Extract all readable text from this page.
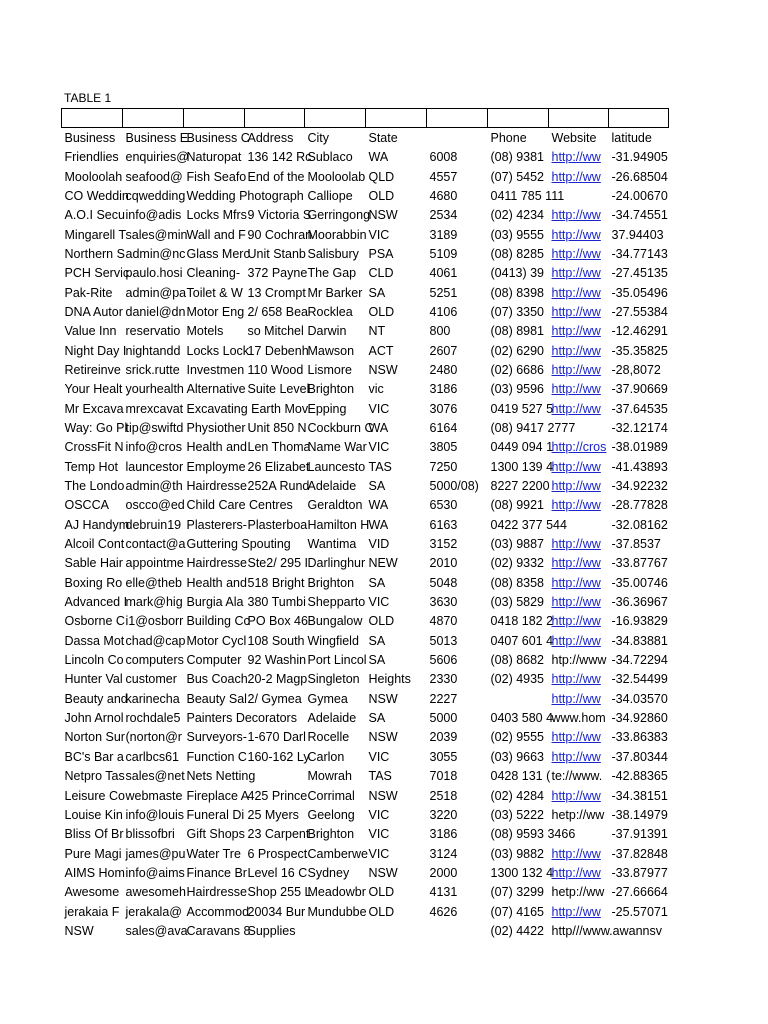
TABLE 1

Business	Business E	Business C	Address	City	State		Phone	Website	latitude
Friendlies	enquiries@	Naturopat	136 142 Rc	Sublaco	WA	6008	(08) 9381	http://ww	-31.94905
Mooloolah	seafood@	Fish Seafo	End of the	Mooloolab	QLD	4557	(07) 5452	http://ww	-26.68504
CO Weddin	cqwedding	Wedding Photograph		Calliope	OLD	4680	0411 785 111		-24.00670
A.O.I Secu	info@adis	Locks Mfrs	9 Victoria S	Gerringong	NSW	2534	(02) 4234	http://ww	-34.74551
Mingarell T	sales@min	Wall and F	90 Cochran	Moorabbin	VIC	3189	(03) 9555	http://ww	37.94403
Northern S	admin@nc	Glass Merc	Unit Stanb	Salisbury	PSA	5109	(08) 8285	http://ww	-34.77143
PCH Servic	paulo.hosi	Cleaning-	372 Payne	The Gap	CLD	4061	(0413) 39	http://ww	-27.45135
Pak-Rite	admin@pa	Toilet & W	13 Crompt	Mr Barker	SA	5251	(08) 8398	http://ww	-35.05496
DNA Autor	daniel@dn	Motor Eng	2/ 658 Bea	Rocklea	OLD	4106	(07) 3350	http://ww	-27.55384
Value Inn	reservatio	Motels	so Mitchel	Darwin	NT	800	(08) 8981	http://ww	-12.46291
Night Day I	nightandd	Locks Lock	17 Debenh	Mawson	ACT	2607	(02) 6290	http://ww	-35.35825
Retireinve	srick.rutte	Investmen	110 Wood	Lismore	NSW	2480	(02) 6686	http://ww	-28,8072
Your Healt	yourhealth	Alternative	Suite Level	Brighton	vic	3186	(03) 9596	http://ww	-37.90669
Mr Excava	mrexcavat	Excavating Earth Mov		Epping	VIC	3076	0419 527 5	http://ww	-37.64535
Way: Go Pl	tip@swiftd	Physiother	Unit 850 N	Cockburn C	WA	6164	(08) 9417 2777		-32.12174
CrossFit N	info@cros	Health and	Len Thoma	Name War	VIC	3805	0449 094 1	http://cros	-38.01989
Temp Hot	launcestor	Employme	26 Elizabet	Launcesto	TAS	7250	1300 139 4	http://ww	-41.43893
The Londo	admin@th	Hairdresse	252A Rund	Adelaide	SA	5000/08)	8227 2200	http://ww	-34.92232
OSCCA	oscco@ed	Child Care Centres		Geraldton	WA	6530	(08) 9921	http://ww	-28.77828
AJ Handym	debruin19	Plasterers-	Plasterboa	Hamilton H	WA	6163	0422 377 544		-32.08162
Alcoil Cont	contact@a	Guttering Spouting		Wantima	VID	3152	(03) 9887	http://ww	-37.8537
Sable Hair	appointme	Hairdresse	Ste2/ 295 I	Darlinghur	NEW	2010	(02) 9332	http://ww	-33.87767
Boxing Ro	elle@theb	Health and	518 Bright	Brighton	SA	5048	(08) 8358	http://ww	-35.00746
Advanced I	mark@hig	Burgia Ala	380 Tumbi	Shepparto	VIC	3630	(03) 5829	http://ww	-36.36967
Osborne C	i1@osborr	Building Cc	PO Box 46	Bungalow	OLD	4870	0418 182 2	http://ww	-16.93829
Dassa Mot	chad@cap	Motor Cycl	108 South	Wingfield	SA	5013	0407 601 4	http://ww	-34.83881
Lincoln Co	computers	Computer	92 Washin	Port Lincol	SA	5606	(08) 8682	htp://www	-34.72294
Hunter Val	customer	Bus Coach	20-2 Magp	Singleton	Heights	2330	(02) 4935	http://ww	-32.54499
Beauty and	karinecha	Beauty Sal	2/ Gymea	Gymea	NSW	2227		http://ww	-34.03570
John Arnol	rochdale5	Painters Decorators		Adelaide	SA	5000	0403 580 4	www.hom	-34.92860
Norton Sur	(norton@r	Surveyors-	1-670 Darl	Rocelle	NSW	2039	(02) 9555	http://ww	-33.86383
BC's Bar a	carlbcs61	Function C	160-162 Ly	Carlon	VIC	3055	(03) 9663	http://ww	-37.80344
Netpro Tas	sales@net	Nets Netting		Mowrah	TAS	7018	0428 131 (	te://www.	-42.88365
Leisure Co	webmaste	Fireplace A	425 Prince	Corrimal	NSW	2518	(02) 4284	http://ww	-34.38151
Louise Kin	info@louis	Funeral Di	25 Myers	Geelong	VIC	3220	(03) 5222	hetp://ww	-38.14979
Bliss Of Br	blissofbri	Gift Shops	23 Carpent	Brighton	VIC	3186	(08) 9593 3466		-37.91391
Pure Magi	james@pu	Water Tre	6 Prospect	Camberwe	VIC	3124	(03) 9882	http://ww	-37.82848
AIMS Hom	info@aims	Finance Br	Level 16 C	Sydney	NSW	2000	1300 132 4	http://ww	-33.87977
Awesome	awesomeh	Hairdresse	Shop 255 L	Meadowbr	OLD	4131	(07) 3299	hetp://ww	-27.66664
jerakaia F	jerakala@	Accommod	20034 Bur	Mundubbe	OLD	4626	(07) 4165	http://ww	-25.57071
NSW	sales@ava	Caravans 8	Supplies				(02) 4422	http///www.awannsv	
